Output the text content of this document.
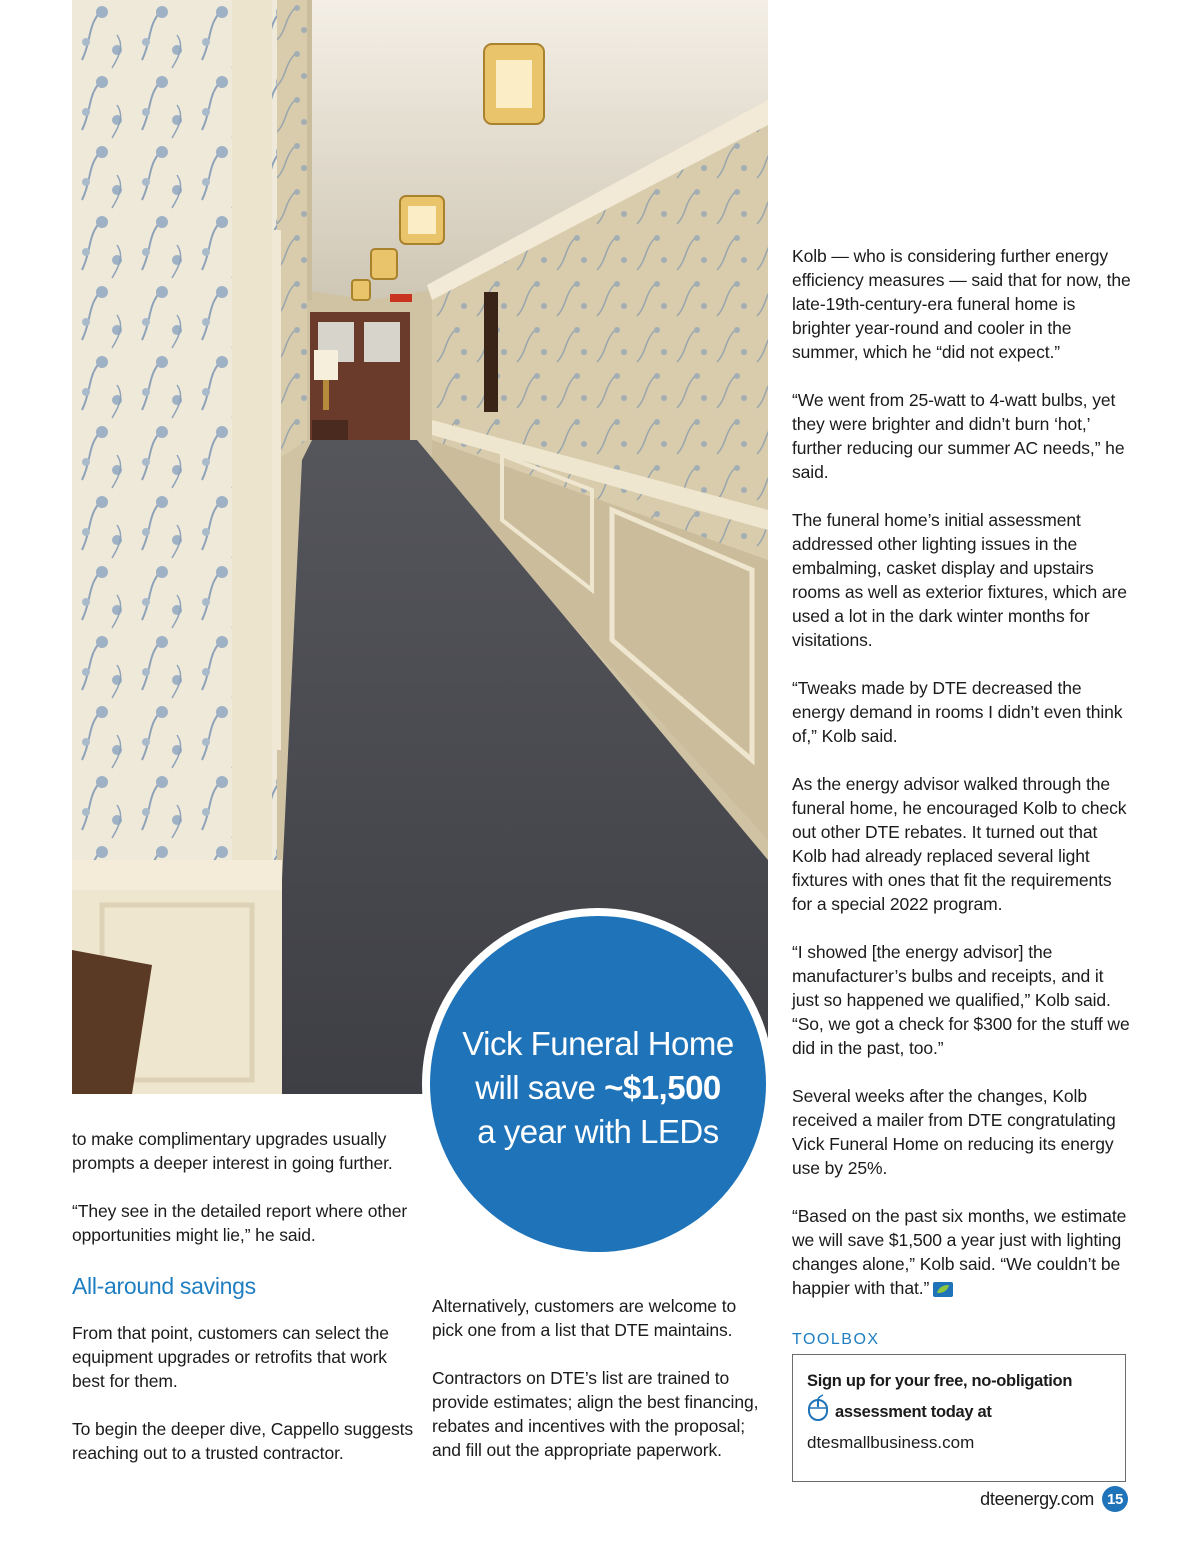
to make complimentary upgrades usually prompts a deeper interest in going further.

“They see in the detailed report where other opportunities might lie,” he said.

All-around savings

From that point, customers can select the equipment upgrades or retrofits that work best for them.

To begin the deeper dive, Cappello suggests reaching out to a trusted contractor.

Alternatively, customers are welcome to pick one from a list that DTE maintains.

Contractors on DTE’s list are trained to provide estimates; align the best financing, rebates and incentives with the proposal; and fill out the appropriate paperwork.

Vick Funeral Home
will save ~$1,500
a year with LEDs

Kolb — who is considering further energy efficiency measures — said that for now, the late-19th-century-era funeral home is brighter year-round and cooler in the summer, which he “did not expect.”

“We went from 25-watt to 4-watt bulbs, yet they were brighter and didn’t burn ‘hot,’ further reducing our summer AC needs,” he said.

The funeral home’s initial assessment addressed other lighting issues in the embalming, casket display and upstairs rooms as well as exterior fixtures, which are used a lot in the dark winter months for visitations.

“Tweaks made by DTE decreased the energy demand in rooms I didn’t even think of,” Kolb said.

As the energy advisor walked through the funeral home, he encouraged Kolb to check out other DTE rebates. It turned out that Kolb had already replaced several light fixtures with ones that fit the requirements for a special 2022 program.

“I showed [the energy advisor] the manufacturer’s bulbs and receipts, and it just so happened we qualified,” Kolb said. “So, we got a check for $300 for the stuff we did in the past, too.”

Several weeks after the changes, Kolb received a mailer from DTE congratulating Vick Funeral Home on reducing its energy use by 25%.

“Based on the past six months, we estimate we will save $1,500 a year just with lighting changes alone,” Kolb said. “We couldn’t be happier with that.”

TOOLBOX
Sign up for your free, no-obligation
assessment today at
dtesmallbusiness.com
dteenergy.com 15
